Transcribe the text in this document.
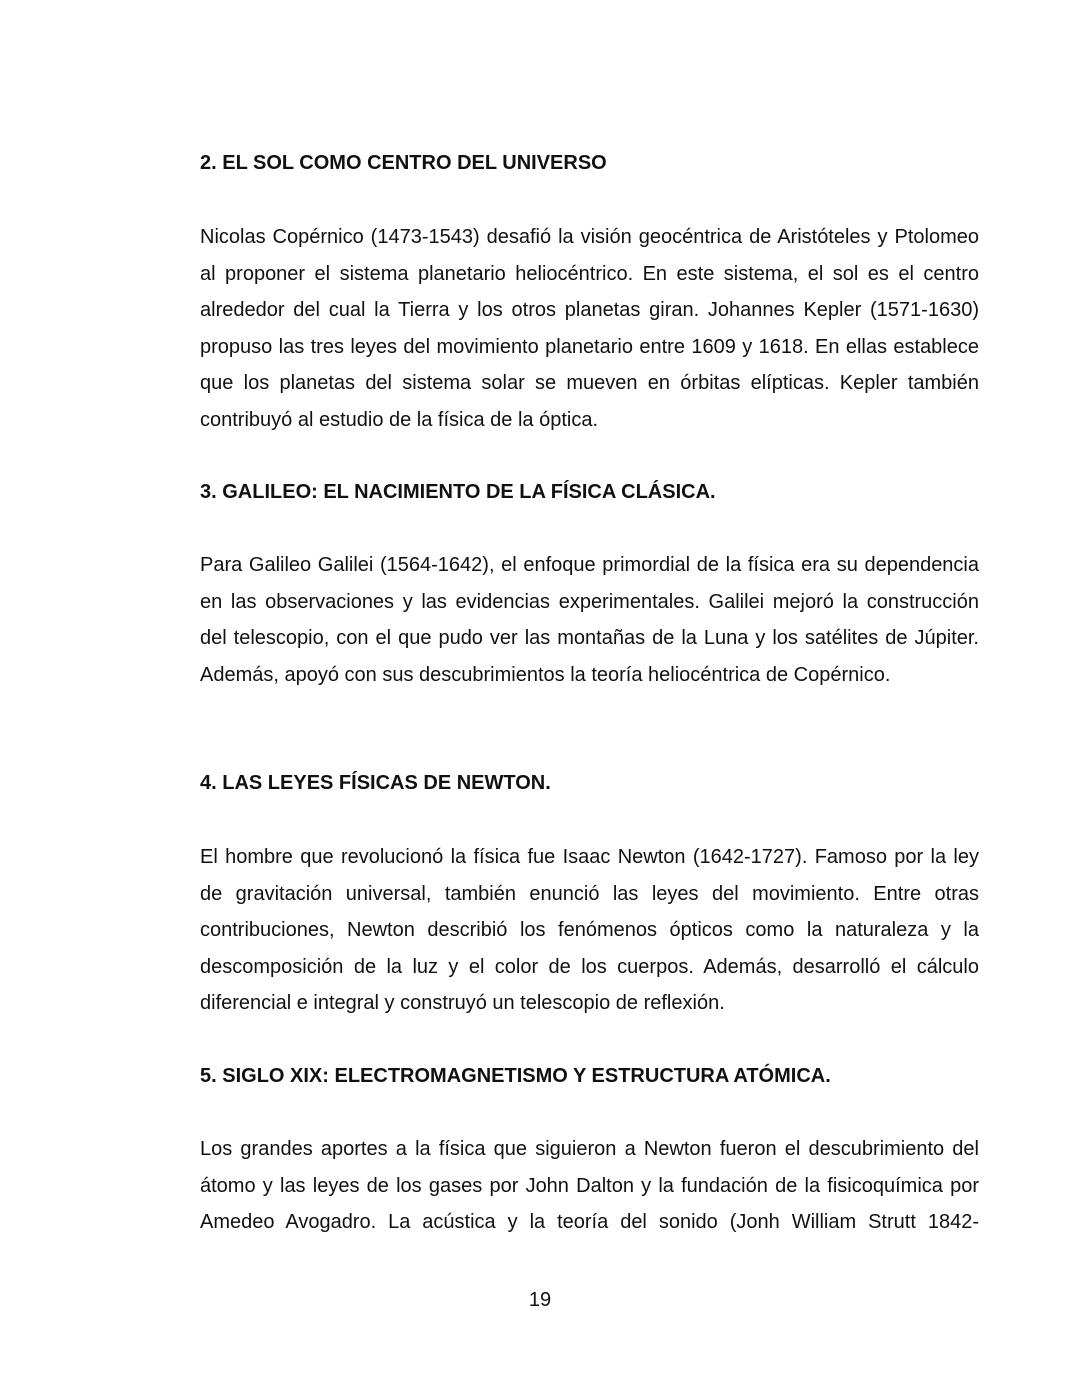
2. EL SOL COMO CENTRO DEL UNIVERSO

Nicolas Copérnico (1473-1543) desafió la visión geocéntrica de Aristóteles y Ptolomeo al proponer el sistema planetario heliocéntrico. En este sistema, el sol es el centro alrededor del cual la Tierra y los otros planetas giran. Johannes Kepler (1571-1630) propuso las tres leyes del movimiento planetario entre 1609 y 1618. En ellas establece que los planetas del sistema solar se mueven en órbitas elípticas. Kepler también contribuyó al estudio de la física de la óptica.

3. GALILEO: EL NACIMIENTO DE LA FÍSICA CLÁSICA.

Para Galileo Galilei (1564-1642), el enfoque primordial de la física era su dependencia en las observaciones y las evidencias experimentales. Galilei mejoró la construcción del telescopio, con el que pudo ver las montañas de la Luna y los satélites de Júpiter. Además, apoyó con sus descubrimientos la teoría heliocéntrica de Copérnico.

4. LAS LEYES FÍSICAS DE NEWTON.

El hombre que revolucionó la física fue Isaac Newton (1642-1727). Famoso por la ley de gravitación universal, también enunció las leyes del movimiento. Entre otras contribuciones, Newton describió los fenómenos ópticos como la naturaleza y la descomposición de la luz y el color de los cuerpos. Además, desarrolló el cálculo diferencial e integral y construyó un telescopio de reflexión.

5. SIGLO XIX: ELECTROMAGNETISMO Y ESTRUCTURA ATÓMICA.

Los grandes aportes a la física que siguieron a Newton fueron el descubrimiento del átomo y las leyes de los gases por John Dalton y la fundación de la fisicoquímica por Amedeo Avogadro. La acústica y la teoría del sonido (Jonh William Strutt 1842-

19
